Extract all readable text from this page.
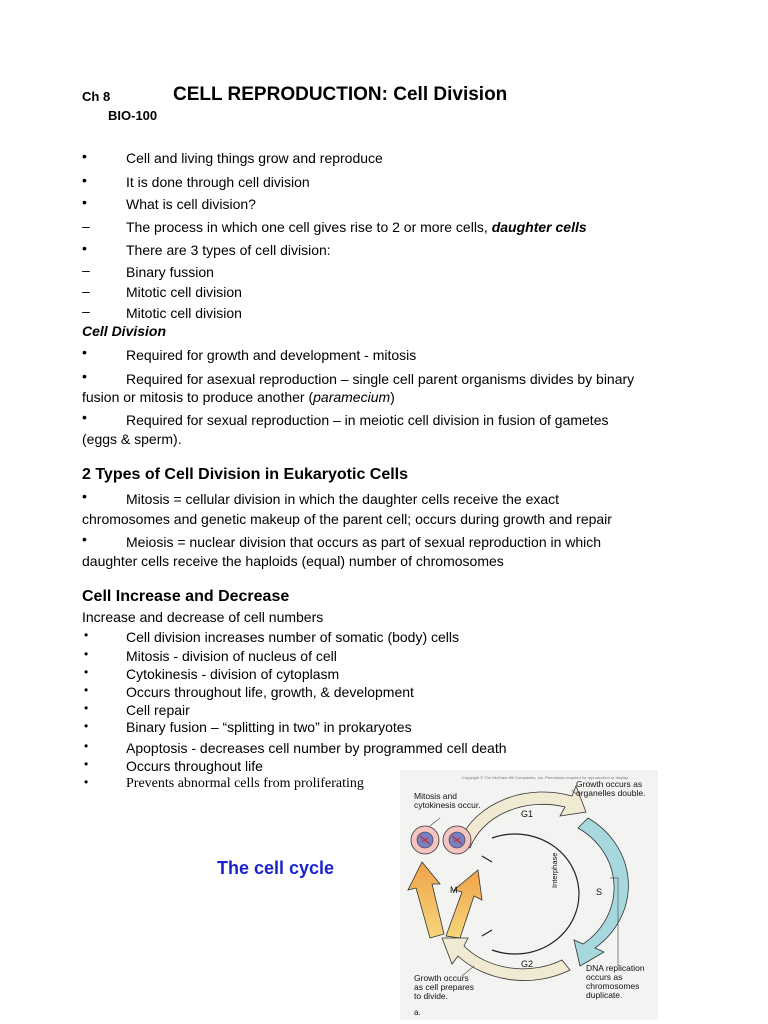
Ch 8	CELL REPRODUCTION: Cell Division
BIO-100
•	Cell and living things grow and reproduce
•	It is done through cell division
•	What is cell division?
–	The process in which one cell gives rise to 2 or more cells, daughter cells
•	There are 3 types of cell division:
–	Binary fussion
–	Mitotic cell division
–	Mitotic cell division
Cell Division
•	Required for growth and development - mitosis
•	Required for asexual reproduction – single cell parent organisms divides by binary
fusion or mitosis to produce another (paramecium)
•	Required for sexual reproduction – in meiotic cell division in fusion of gametes
(eggs & sperm).
2 Types of Cell Division in Eukaryotic Cells
•	Mitosis = cellular division in which the daughter cells receive the exact
chromosomes and genetic makeup of the parent cell; occurs during growth and repair
•	Meiosis = nuclear division that occurs as part of sexual reproduction in which
daughter cells receive the haploids (equal) number of chromosomes
Cell Increase and Decrease
Increase and decrease of cell numbers
•	Cell division increases number of somatic (body) cells
•	Mitosis - division of nucleus of cell
•	Cytokinesis - division of cytoplasm
•	Occurs throughout life, growth, & development
•	Cell repair
•	Binary fusion – “splitting in two” in prokaryotes
•	Apoptosis - decreases cell number by programmed cell death
•	Occurs throughout life
•	Prevents abnormal cells from proliferating
The cell cycle
Copyright © The McGraw-Hill Companies, Inc. Permission required for reproduction or display.
Mitosis and
cytokinesis occur.
Growth occurs as
organelles double.
DNA replication
occurs as
chromosomes
duplicate.
Growth occurs
as cell prepares
to divide.
G1
G2
S
M
Interphase
a.
